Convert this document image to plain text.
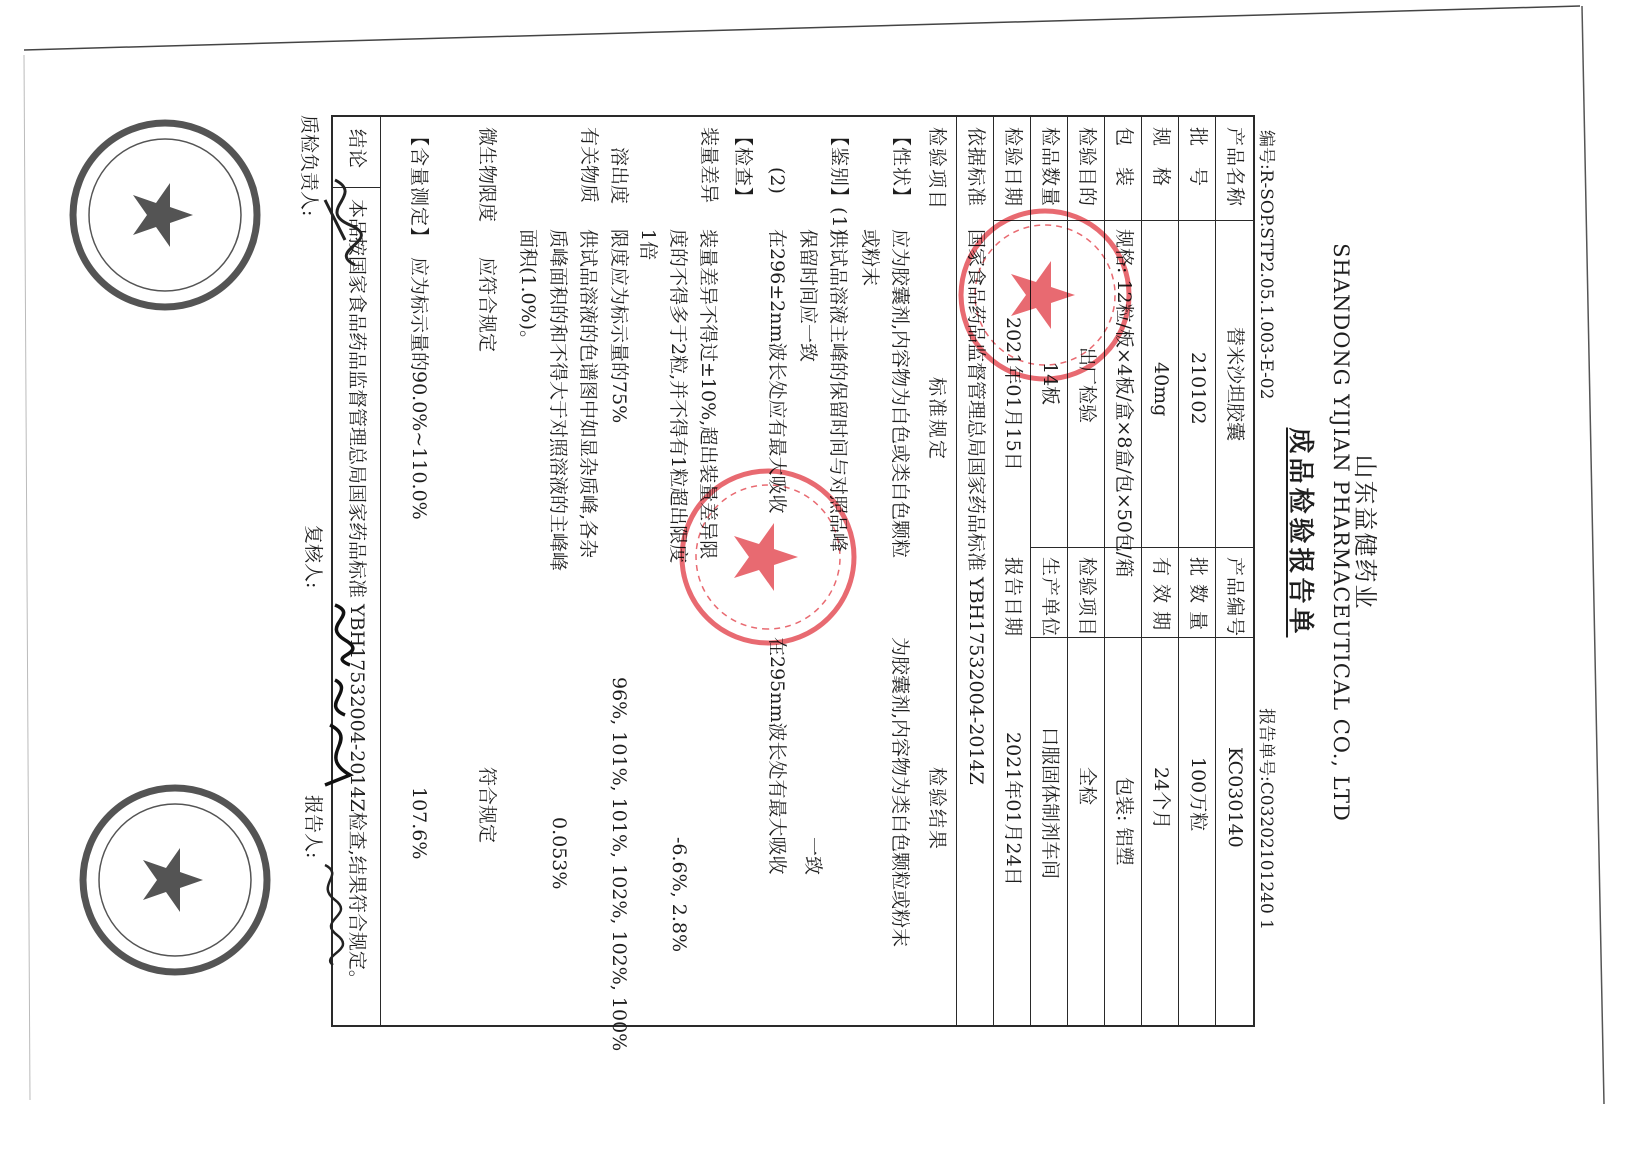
山东益健药业
SHANDONG YIJIAN PHARMACEUTICAL CO., LTD
成品检验报告单
编号:R-SOP.STP2.05.1.003-E-02
报告单号:C03202101240 1
产品名称
替米沙坦胶囊
产品编号
KC030140
批　号
210102
批 数 量
100万粒
规　格
40mg
有 效 期
24个月
包　装
规格: 12粒/板×4板/盒×8盒/包×50包/箱
包装: 铝塑
检验目的
出厂检验
检验项目
全检
检品数量
14板
生产单位
口服固体制剂车间
检验日期
2021年01月15日
报告日期
2021年01月24日
依据标准
国家食品药品监督管理总局国家药品标准 YBH17532004-2014Z
检验项目
标准规定
检验结果
【性状】
应为胶囊剂,内容物为白色或类白色颗粒或粉末
为胶囊剂,内容物为类白色颗粒或粉末
【鉴别】(1)
供试品溶液主峰的保留时间与对照品峰保留时间应一致
一致
(2)
在296±2nm波长处应有最大吸收
在295nm波长处有最大吸收
【检查】
装量差异
装量差异不得过±10%,超出装量差异限度的不得多于2粒,并不得有1粒超出限度1倍
-6.6%, 2.8%
溶出度
限度应为标示量的75%
96%, 101%, 101%, 102%, 102%, 100%
有关物质
供试品溶液的色谱图中如显杂质峰,各杂质峰面积的和不得大于对照溶液的主峰峰面积(1.0%)。
0.053%
微生物限度
应符合规定
符合规定
【含量测定】
应为标示量的90.0%~110.0%
107.6%
结论
本品按国家食品药品监督管理总局国家药品标准 YBH17532004-2014Z检查,结果符合规定。
质检负责人:
复核人:
报告人:
